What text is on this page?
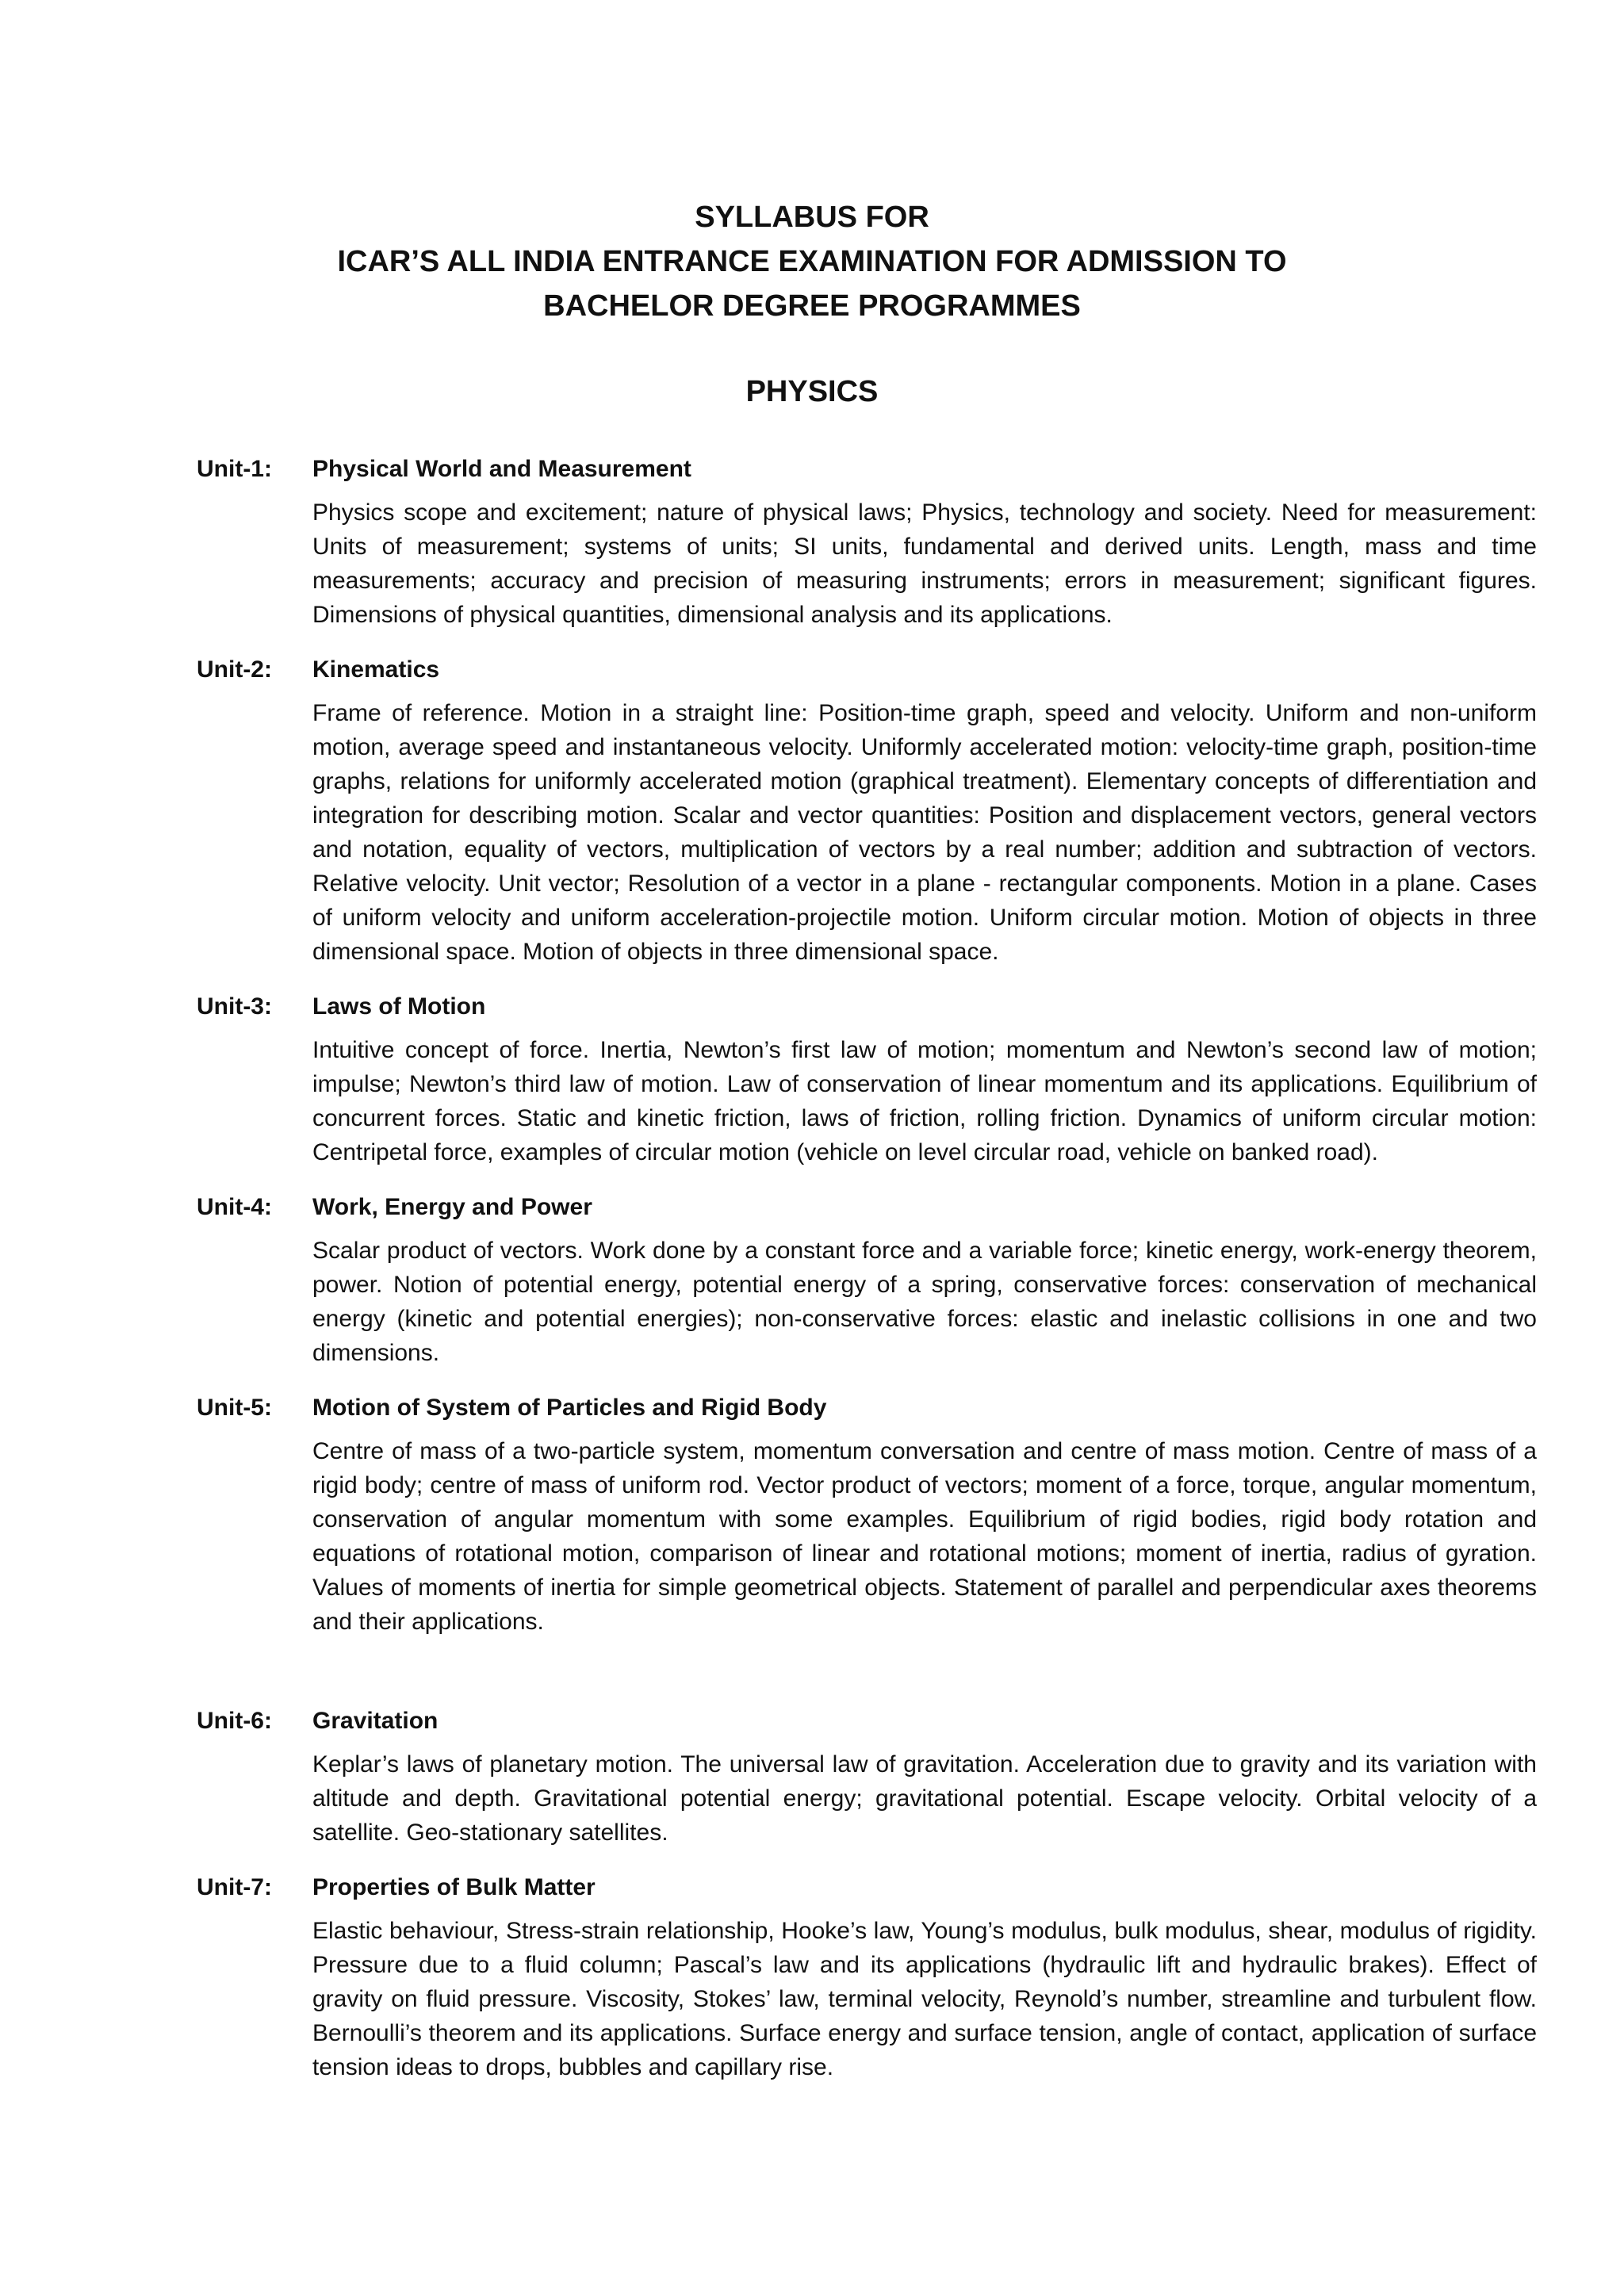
SYLLABUS FOR
ICAR’S ALL INDIA ENTRANCE EXAMINATION FOR ADMISSION TO
BACHELOR DEGREE PROGRAMMES
PHYSICS
Unit-1:	Physical World and Measurement
Physics scope and excitement; nature of physical laws; Physics, technology and society. Need for measurement: Units of measurement; systems of units; SI units, fundamental and derived units. Length, mass and time measurements; accuracy and precision of measuring instruments; errors in measurement; significant figures. Dimensions of physical quantities, dimensional analysis and its applications.
Unit-2:	Kinematics
Frame of reference. Motion in a straight line: Position-time graph, speed and velocity. Uniform and non-uniform motion, average speed and instantaneous velocity. Uniformly accelerated motion: velocity-time graph, position-time graphs, relations for uniformly accelerated motion (graphical treatment). Elementary concepts of differentiation and integration for describing motion. Scalar and vector quantities: Position and displacement vectors, general vectors and notation, equality of vectors, multiplication of vectors by a real number; addition and subtraction of vectors. Relative velocity. Unit vector; Resolution of a vector in a plane - rectangular components. Motion in a plane. Cases of uniform velocity and uniform acceleration-projectile motion. Uniform circular motion. Motion of objects in three dimensional space. Motion of objects in three dimensional space.
Unit-3:	Laws of Motion
Intuitive concept of force. Inertia, Newton’s first law of motion; momentum and Newton’s second law of motion; impulse; Newton’s third law of motion. Law of conservation of linear momentum and its applications. Equilibrium of concurrent forces. Static and kinetic friction, laws of friction, rolling friction. Dynamics of uniform circular motion: Centripetal force, examples of circular motion (vehicle on level circular road, vehicle on banked road).
Unit-4:	Work, Energy and Power
Scalar product of vectors. Work done by a constant force and a variable force; kinetic energy, work-energy theorem, power. Notion of potential energy, potential energy of a spring, conservative forces: conservation of mechanical energy (kinetic and potential energies); non-conservative forces: elastic and inelastic collisions in one and two dimensions.
Unit-5:	Motion of System of Particles and Rigid Body
Centre of mass of a two-particle system, momentum conversation and centre of mass motion. Centre of mass of a rigid body; centre of mass of uniform rod. Vector product of vectors; moment of a force, torque, angular momentum, conservation of angular momentum with some examples. Equilibrium of rigid bodies, rigid body rotation and equations of rotational motion, comparison of linear and rotational motions; moment of inertia, radius of gyration. Values of moments of inertia for simple geometrical objects. Statement of parallel and perpendicular axes theorems and their applications.
Unit-6:	Gravitation
Keplar’s laws of planetary motion. The universal law of gravitation. Acceleration due to gravity and its variation with altitude and depth. Gravitational potential energy; gravitational potential. Escape velocity. Orbital velocity of a satellite. Geo-stationary satellites.
Unit-7:	Properties of Bulk Matter
Elastic behaviour, Stress-strain relationship, Hooke’s law, Young’s modulus, bulk modulus, shear, modulus of rigidity. Pressure due to a fluid column; Pascal’s law and its applications (hydraulic lift and hydraulic brakes). Effect of gravity on fluid pressure. Viscosity, Stokes’ law, terminal velocity, Reynold’s number, streamline and turbulent flow. Bernoulli’s theorem and its applications. Surface energy and surface tension, angle of contact, application of surface tension ideas to drops, bubbles and capillary rise.
